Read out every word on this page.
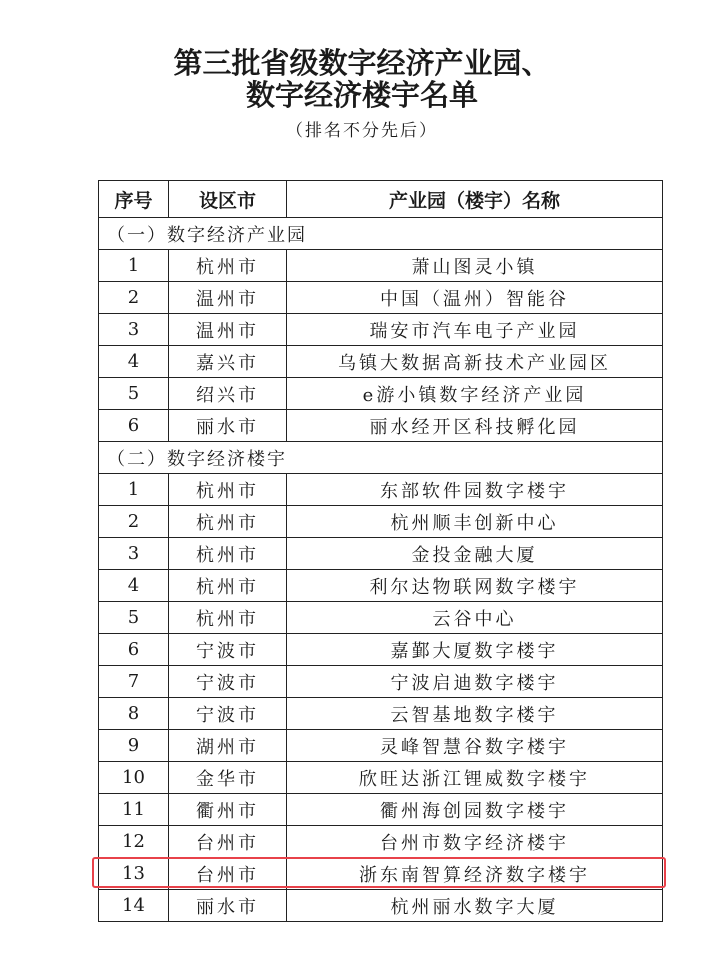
第三批省级数字经济产业园、
数字经济楼宇名单
（排名不分先后）
序号	设区市	产业园（楼宇）名称
（一）数字经济产业园		
1	杭州市	萧山图灵小镇
2	温州市	中国（温州）智能谷
3	温州市	瑞安市汽车电子产业园
4	嘉兴市	乌镇大数据高新技术产业园区
5	绍兴市	e游小镇数字经济产业园
6	丽水市	丽水经开区科技孵化园
（二）数字经济楼宇		
1	杭州市	东部软件园数字楼宇
2	杭州市	杭州顺丰创新中心
3	杭州市	金投金融大厦
4	杭州市	利尔达物联网数字楼宇
5	杭州市	云谷中心
6	宁波市	嘉鄞大厦数字楼宇
7	宁波市	宁波启迪数字楼宇
8	宁波市	云智基地数字楼宇
9	湖州市	灵峰智慧谷数字楼宇
10	金华市	欣旺达浙江锂威数字楼宇
11	衢州市	衢州海创园数字楼宇
12	台州市	台州市数字经济楼宇
13	台州市	浙东南智算经济数字楼宇
14	丽水市	杭州丽水数字大厦
